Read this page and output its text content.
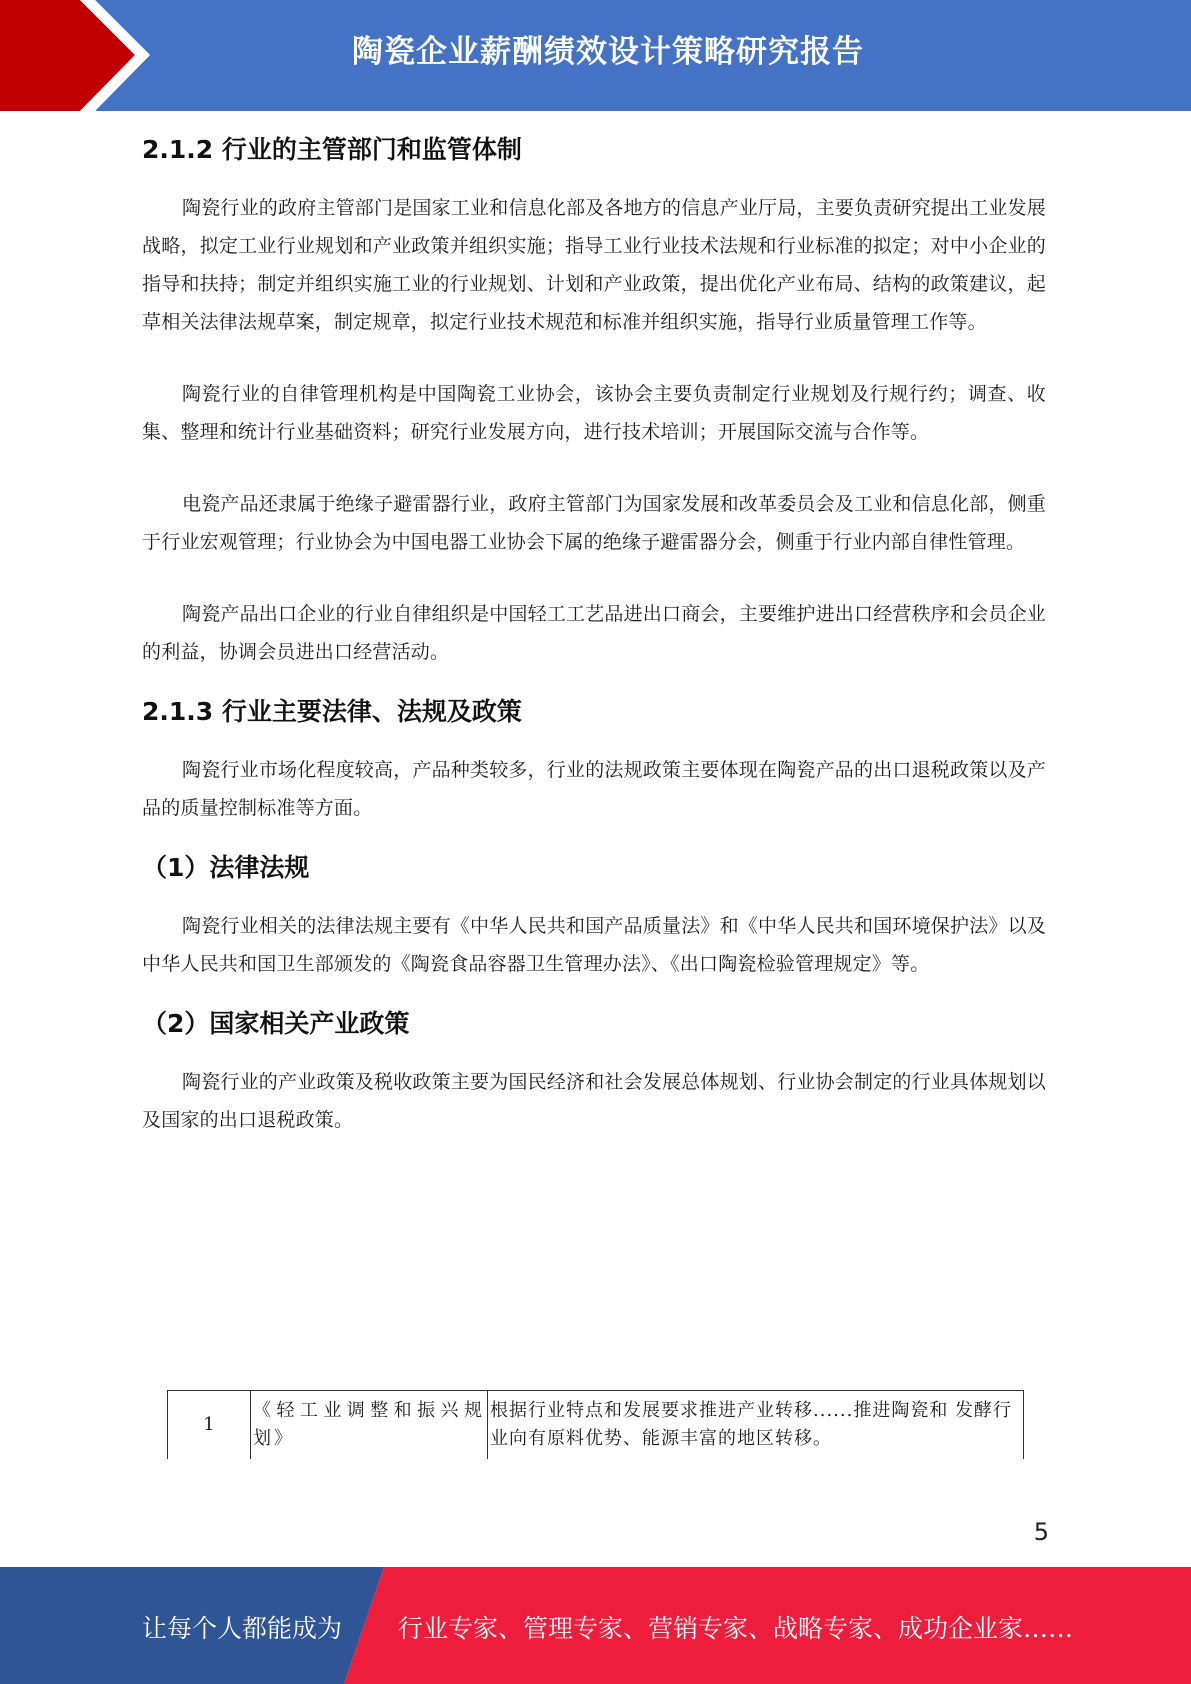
陶瓷企业薪酬绩效设计策略研究报告
2.1.2 行业的主管部门和监管体制

陶瓷行业的政府主管部门是国家工业和信息化部及各地方的信息产业厅局，主要负责研究提出工业发展战略，拟定工业行业规划和产业政策并组织实施；指导工业行业技术法规和行业标准的拟定；对中小企业的指导和扶持；制定并组织实施工业的行业规划、计划和产业政策，提出优化产业布局、结构的政策建议，起草相关法律法规草案，制定规章，拟定行业技术规范和标准并组织实施，指导行业质量管理工作等。

陶瓷行业的自律管理机构是中国陶瓷工业协会，该协会主要负责制定行业规划及行规行约；调查、收集、整理和统计行业基础资料；研究行业发展方向，进行技术培训；开展国际交流与合作等。

电瓷产品还隶属于绝缘子避雷器行业，政府主管部门为国家发展和改革委员会及工业和信息化部，侧重于行业宏观管理；行业协会为中国电器工业协会下属的绝缘子避雷器分会，侧重于行业内部自律性管理。

陶瓷产品出口企业的行业自律组织是中国轻工工艺品进出口商会，主要维护进出口经营秩序和会员企业的利益，协调会员进出口经营活动。

2.1.3 行业主要法律、法规及政策

陶瓷行业市场化程度较高，产品种类较多，行业的法规政策主要体现在陶瓷产品的出口退税政策以及产品的质量控制标准等方面。

（1）法律法规

陶瓷行业相关的法律法规主要有《中华人民共和国产品质量法》和《中华人民共和国环境保护法》以及中华人民共和国卫生部颁发的《陶瓷食品容器卫生管理办法》、《出口陶瓷检验管理规定》等。

（2）国家相关产业政策

陶瓷行业的产业政策及税收政策主要为国民经济和社会发展总体规划、行业协会制定的行业具体规划以及国家的出口退税政策。

1	《轻工业调整和振兴规划》	根据行业特点和发展要求推进产业转移......推进陶瓷和 发酵行业向有原料优势、能源丰富的地区转移。
5
让每个人都能成为 行业专家、管理专家、营销专家、战略专家、成功企业家……
